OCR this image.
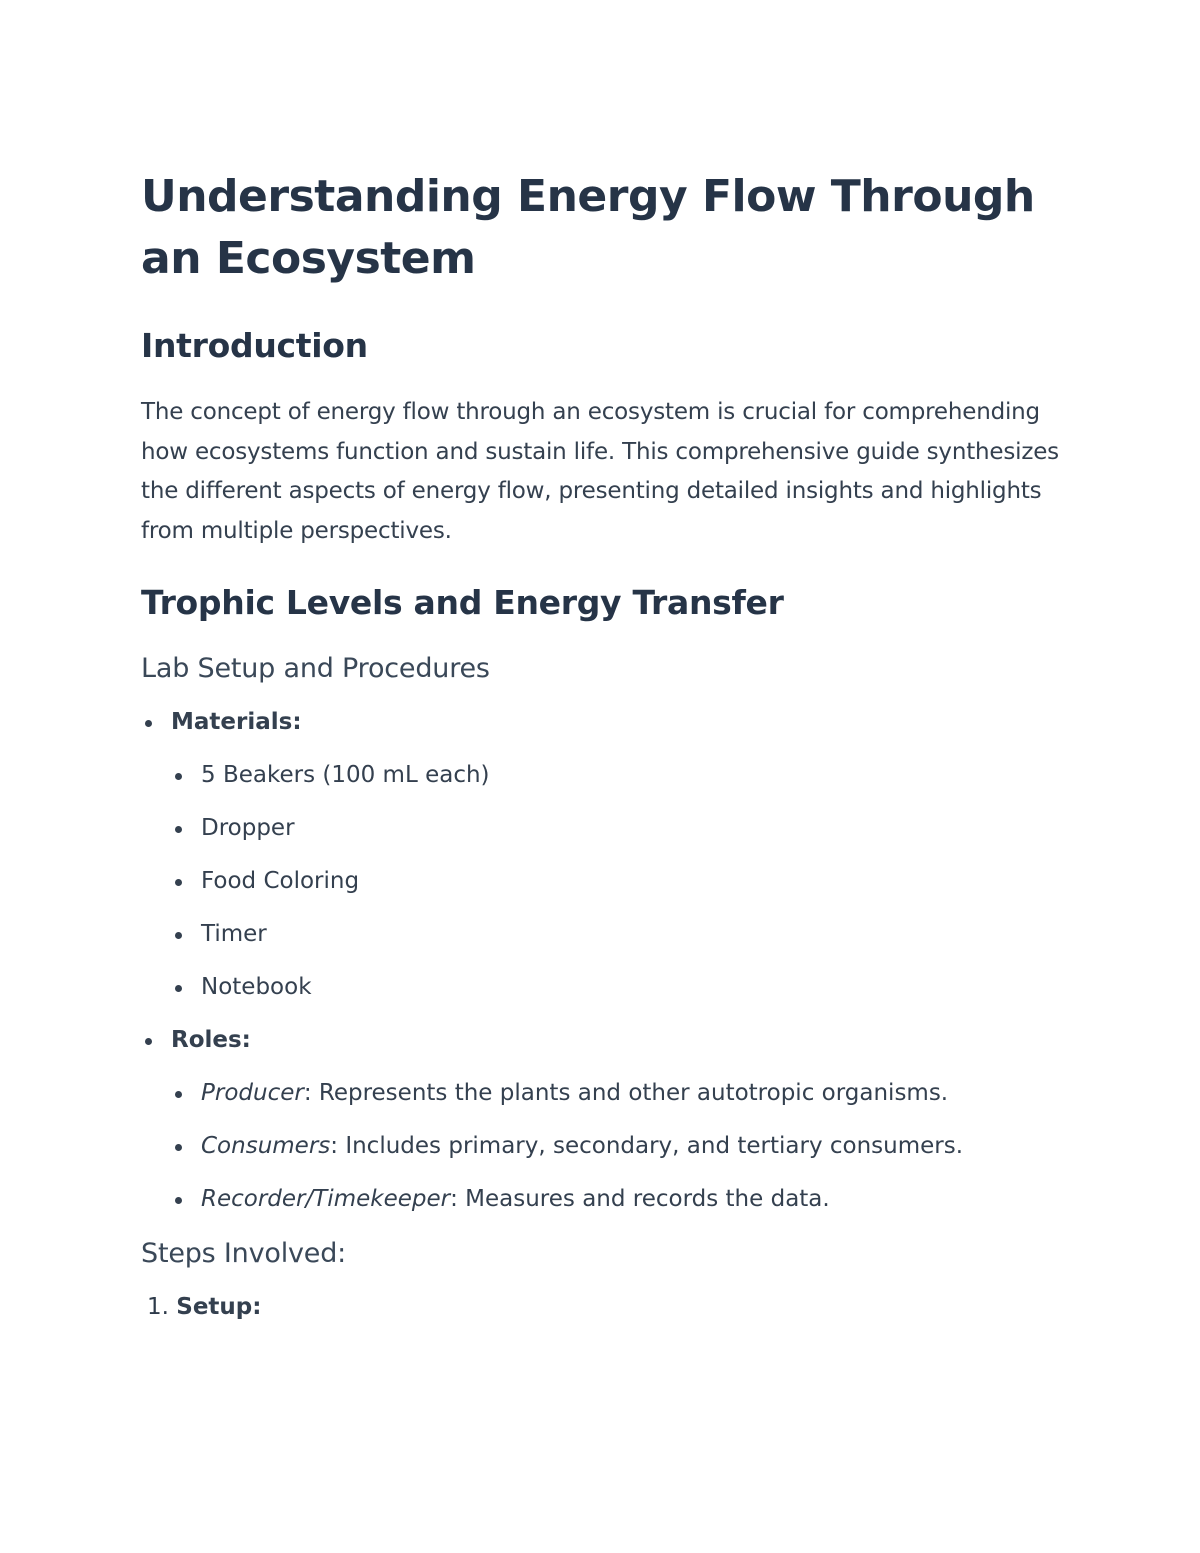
Understanding Energy Flow Through an Ecosystem
Introduction

The concept of energy flow through an ecosystem is crucial for comprehending how ecosystems function and sustain life. This comprehensive guide synthesizes the different aspects of energy flow, presenting detailed insights and highlights from multiple perspectives.

Trophic Levels and Energy Transfer
Lab Setup and Procedures
Materials:
5 Beakers (100 mL each)
Dropper
Food Coloring
Timer
Notebook
Roles:
Producer: Represents the plants and other autotropic organisms.
Consumers: Includes primary, secondary, and tertiary consumers.
Recorder/Timekeeper: Measures and records the data.
Steps Involved:
1. Setup:
